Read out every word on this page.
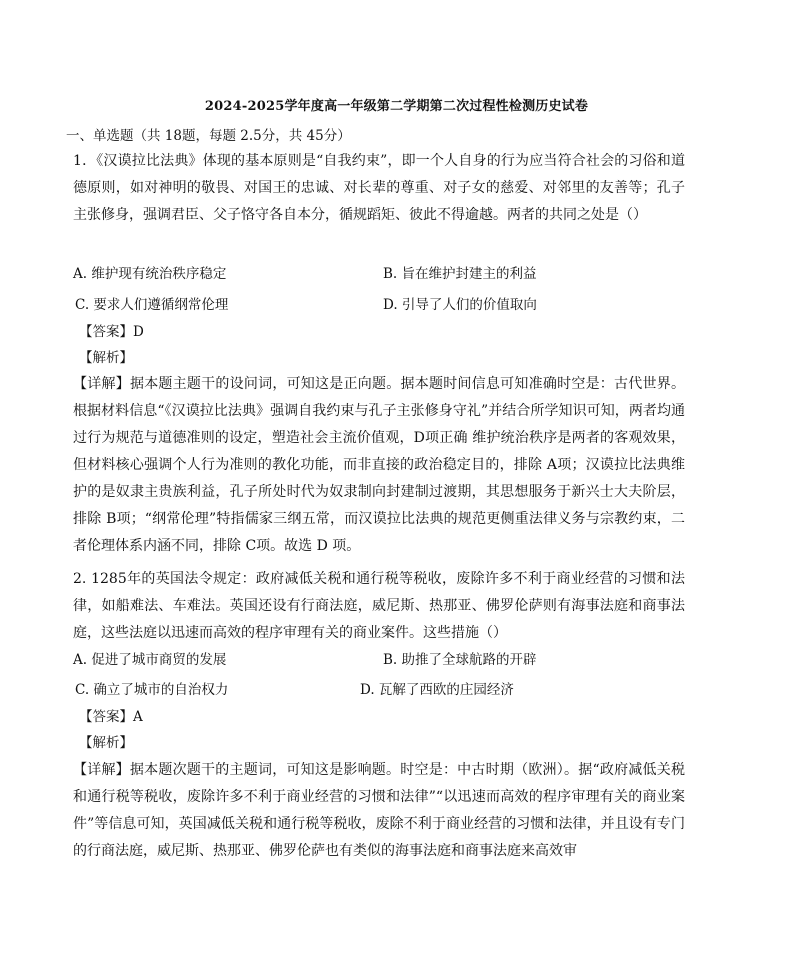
2024-2025学年度高一年级第二学期第二次过程性检测历史试卷
一、单选题（共 18题，每题 2.5分，共 45分）
1．《汉谟拉比法典》体现的基本原则是“自我约束”，即一个人自身的行为应当符合社会的习俗和道德原则，如对神明的敬畏、对国王的忠诚、对长辈的尊重、对子女的慈爱、对邻里的友善等；孔子主张修身，强调君臣、父子恪守各自本分，循规蹈矩、彼此不得逾越。两者的共同之处是（）
A. 维护现有统治秩序稳定	B. 旨在维护封建主的利益
C. 要求人们遵循纲常伦理	D. 引导了人们的价值取向
【答案】D
【解析】
【详解】据本题主题干的设问词，可知这是正向题。据本题时间信息可知准确时空是：古代世界。根据材料信息“《汉谟拉比法典》强调自我约束与孔子主张修身守礼”并结合所学知识可知，两者均通过行为规范与道德准则的设定，塑造社会主流价值观，D项正确 维护统治秩序是两者的客观效果，但材料核心强调个人行为准则的教化功能，而非直接的政治稳定目的，排除 A项；汉谟拉比法典维护的是奴隶主贵族利益，孔子所处时代为奴隶制向封建制过渡期，其思想服务于新兴士大夫阶层，排除 B项；“纲常伦理”特指儒家三纲五常，而汉谟拉比法典的规范更侧重法律义务与宗教约束，二者伦理体系内涵不同，排除 C项。故选 D 项。
2. 1285年的英国法令规定：政府减低关税和通行税等税收，废除许多不利于商业经营的习惯和法律，如船难法、车难法。英国还设有行商法庭，威尼斯、热那亚、佛罗伦萨则有海事法庭和商事法庭，这些法庭以迅速而高效的程序审理有关的商业案件。这些措施（）
A. 促进了城市商贸的发展	B. 助推了全球航路的开辟
C. 确立了城市的自治权力	D. 瓦解了西欧的庄园经济
【答案】A
【解析】
【详解】据本题次题干的主题词，可知这是影响题。时空是：中古时期（欧洲）。据“政府减低关税和通行税等税收，废除许多不利于商业经营的习惯和法律”“以迅速而高效的程序审理有关的商业案件”等信息可知，英国减低关税和通行税等税收，废除不利于商业经营的习惯和法律，并且设有专门的行商法庭，威尼斯、热那亚、佛罗伦萨也有类似的海事法庭和商事法庭来高效审
